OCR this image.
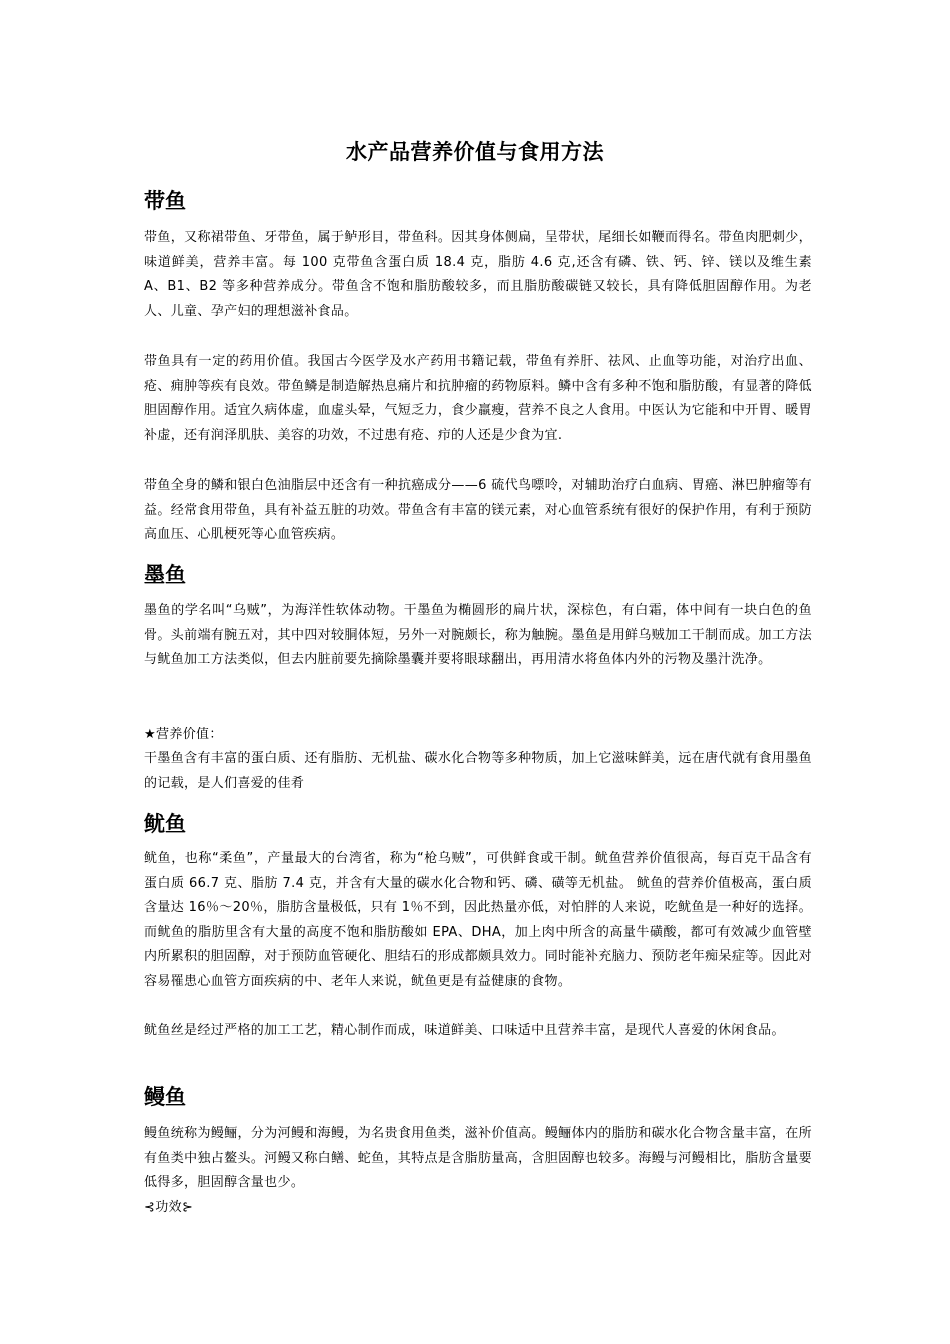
水产品营养价值与食用方法
带鱼
带鱼，又称裙带鱼、牙带鱼，属于鲈形目，带鱼科。因其身体侧扁，呈带状，尾细长如鞭而得名。带鱼肉肥刺少，味道鲜美，营养丰富。每 100 克带鱼含蛋白质 18.4 克，脂肪 4.6 克,还含有磷、铁、钙、锌、镁以及维生素 A、B1、B2 等多种营养成分。带鱼含不饱和脂肪酸较多，而且脂肪酸碳链又较长，具有降低胆固醇作用。为老人、儿童、孕产妇的理想滋补食品。
带鱼具有一定的药用价值。我国古今医学及水产药用书籍记载，带鱼有养肝、祛风、止血等功能，对治疗出血、疮、痈肿等疾有良效。带鱼鳞是制造解热息痛片和抗肿瘤的药物原料。鳞中含有多种不饱和脂肪酸，有显著的降低胆固醇作用。适宜久病体虚，血虚头晕，气短乏力，食少羸瘦，营养不良之人食用。中医认为它能和中开胃、暖胃补虚，还有润泽肌肤、美容的功效，不过患有疮、疖的人还是少食为宜.
带鱼全身的鳞和银白色油脂层中还含有一种抗癌成分——6 硫代鸟嘌呤，对辅助治疗白血病、胃癌、淋巴肿瘤等有益。经常食用带鱼，具有补益五脏的功效。带鱼含有丰富的镁元素，对心血管系统有很好的保护作用，有利于预防高血压、心肌梗死等心血管疾病。
墨鱼
墨鱼的学名叫“乌贼”，为海洋性软体动物。干墨鱼为椭圆形的扁片状，深棕色，有白霜，体中间有一块白色的鱼骨。头前端有腕五对，其中四对较胴体短，另外一对腕颇长，称为触腕。墨鱼是用鲜乌贼加工干制而成。加工方法与鱿鱼加工方法类似，但去内脏前要先摘除墨囊并要将眼球翻出，再用清水将鱼体内外的污物及墨汁洗净。
★营养价值：
干墨鱼含有丰富的蛋白质、还有脂肪、无机盐、碳水化合物等多种物质，加上它滋味鲜美，远在唐代就有食用墨鱼的记载，是人们喜爱的佳肴
鱿鱼
鱿鱼，也称“柔鱼”，产量最大的台湾省，称为“枪乌贼”，可供鲜食或干制。鱿鱼营养价值很高，每百克干品含有蛋白质 66.7 克、脂肪 7.4 克，并含有大量的碳水化合物和钙、磷、磺等无机盐。 鱿鱼的营养价值极高，蛋白质含量达 16％～20％，脂肪含量极低，只有 1％不到，因此热量亦低，对怕胖的人来说，吃鱿鱼是一种好的选择。而鱿鱼的脂肪里含有大量的高度不饱和脂肪酸如 EPA、DHA，加上肉中所含的高量牛磺酸，都可有效减少血管壁内所累积的胆固醇，对于预防血管硬化、胆结石的形成都颇具效力。同时能补充脑力、预防老年痴呆症等。因此对容易罹患心血管方面疾病的中、老年人来说，鱿鱼更是有益健康的食物。
鱿鱼丝是经过严格的加工工艺，精心制作而成，味道鲜美、口味适中且营养丰富，是现代人喜爱的休闲食品。
鳗鱼
鳗鱼统称为鳗鲡，分为河鳗和海鳗，为名贵食用鱼类，滋补价值高。鳗鲡体内的脂肪和碳水化合物含量丰富，在所有鱼类中独占鳌头。河鳗又称白鳝、蛇鱼，其特点是含脂肪量高，含胆固醇也较多。海鳗与河鳗相比，脂肪含量要低得多，胆固醇含量也少。
⊰功效⊱
